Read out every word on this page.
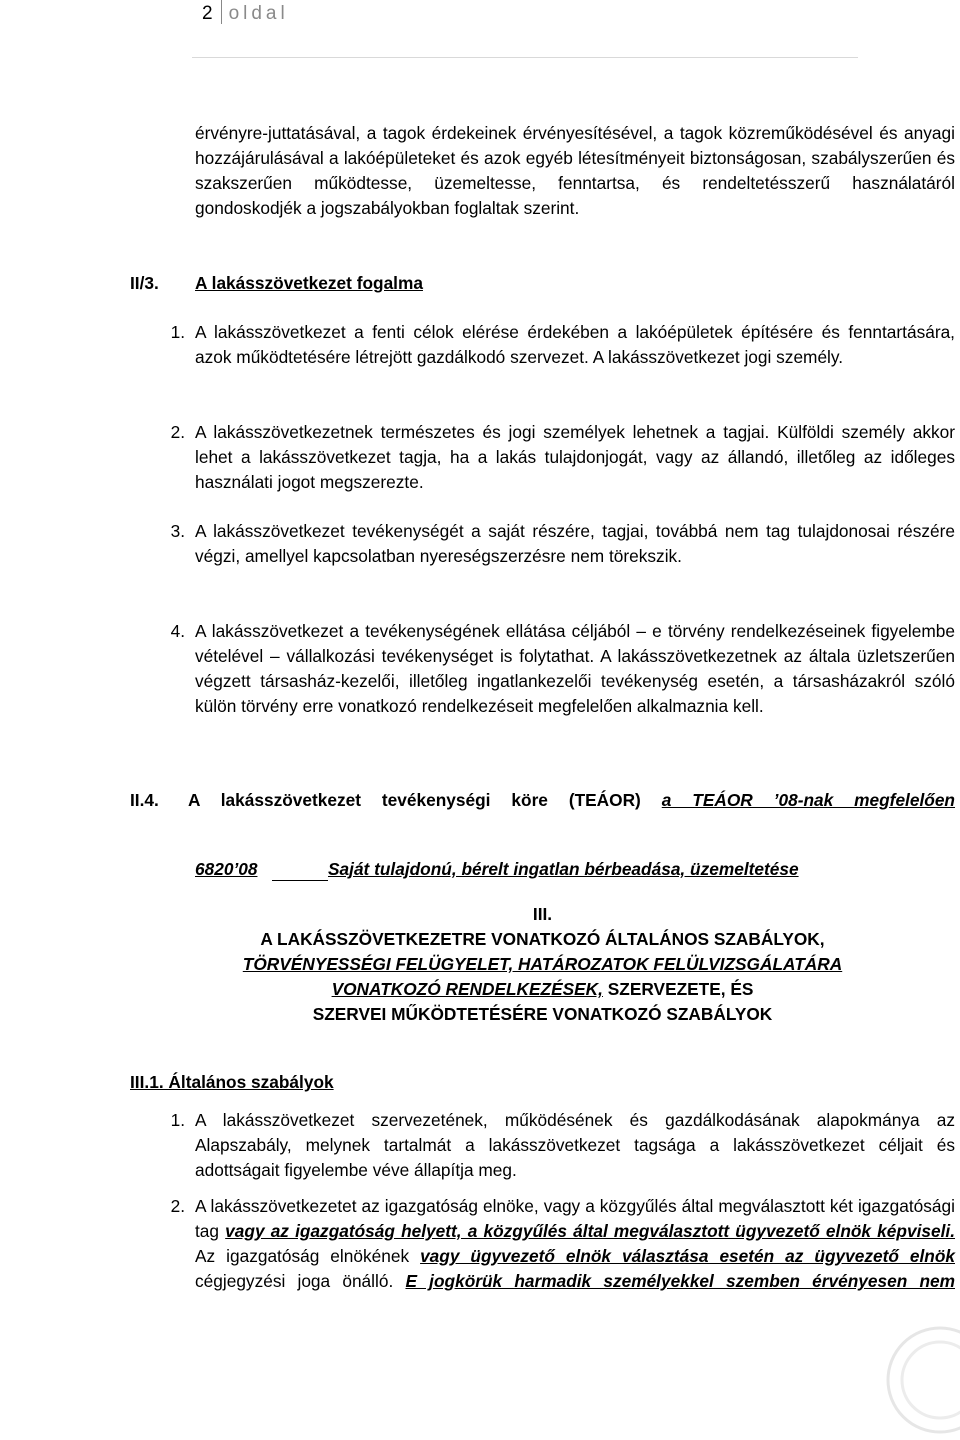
2 oldal
érvényre-juttatásával, a tagok érdekeinek érvényesítésével, a tagok közreműködésével és anyagi hozzájárulásával a lakóépületeket és azok egyéb létesítményeit biztonságosan, szabályszerűen és szakszerűen működtesse, üzemeltesse, fenntartsa, és rendeltetésszerű használatáról gondoskodjék a jogszabályokban foglaltak szerint.
II/3. A lakásszövetkezet fogalma
1. A lakásszövetkezet a fenti célok elérése érdekében a lakóépületek építésére és fenntartására, azok működtetésére létrejött gazdálkodó szervezet. A lakásszövetkezet jogi személy.
2. A lakásszövetkezetnek természetes és jogi személyek lehetnek a tagjai. Külföldi személy akkor lehet a lakásszövetkezet tagja, ha a lakás tulajdonjogát, vagy az állandó, illetőleg az időleges használati jogot megszerezte.
3. A lakásszövetkezet tevékenységét a saját részére, tagjai, továbbá nem tag tulajdonosai részére végzi, amellyel kapcsolatban nyereségszerzésre nem törekszik.
4. A lakásszövetkezet a tevékenységének ellátása céljából – e törvény rendelkezéseinek figyelembe vételével – vállalkozási tevékenységet is folytathat. A lakásszövetkezetnek az általa üzletszerűen végzett társasház-kezelői, illetőleg ingatlankezelői tevékenység esetén, a társasházakról szóló külön törvény erre vonatkozó rendelkezéseit megfelelően alkalmaznia kell.
II.4. A lakásszövetkezet tevékenységi köre (TEÁOR) a TEÁOR ’08-nak megfelelően
6820’08	Saját tulajdonú, bérelt ingatlan bérbeadása, üzemeltetése
III.
A LAKÁSSZÖVETKEZETRE VONATKOZÓ ÁLTALÁNOS SZABÁLYOK,
TÖRVÉNYESSÉGI FELÜGYELET, HATÁROZATOK FELÜLVIZSGÁLATÁRA
VONATKOZÓ RENDELKEZÉSEK, SZERVEZETE, ÉS
SZERVEI MŰKÖDTETÉSÉRE VONATKOZÓ SZABÁLYOK
III.1. Általános szabályok
1. A lakásszövetkezet szervezetének, működésének és gazdálkodásának alapokmánya az Alapszabály, melynek tartalmát a lakásszövetkezet tagsága a lakásszövetkezet céljait és adottságait figyelembe véve állapítja meg.
2. A lakásszövetkezetet az igazgatóság elnöke, vagy a közgyűlés által megválasztott két igazgatósági tag vagy az igazgatóság helyett, a közgyűlés által megválasztott ügyvezető elnök képviseli. Az igazgatóság elnökének vagy ügyvezető elnök választása esetén az ügyvezető elnök cégjegyzési joga önálló. E jogkörük harmadik személyekkel szemben érvényesen nem
